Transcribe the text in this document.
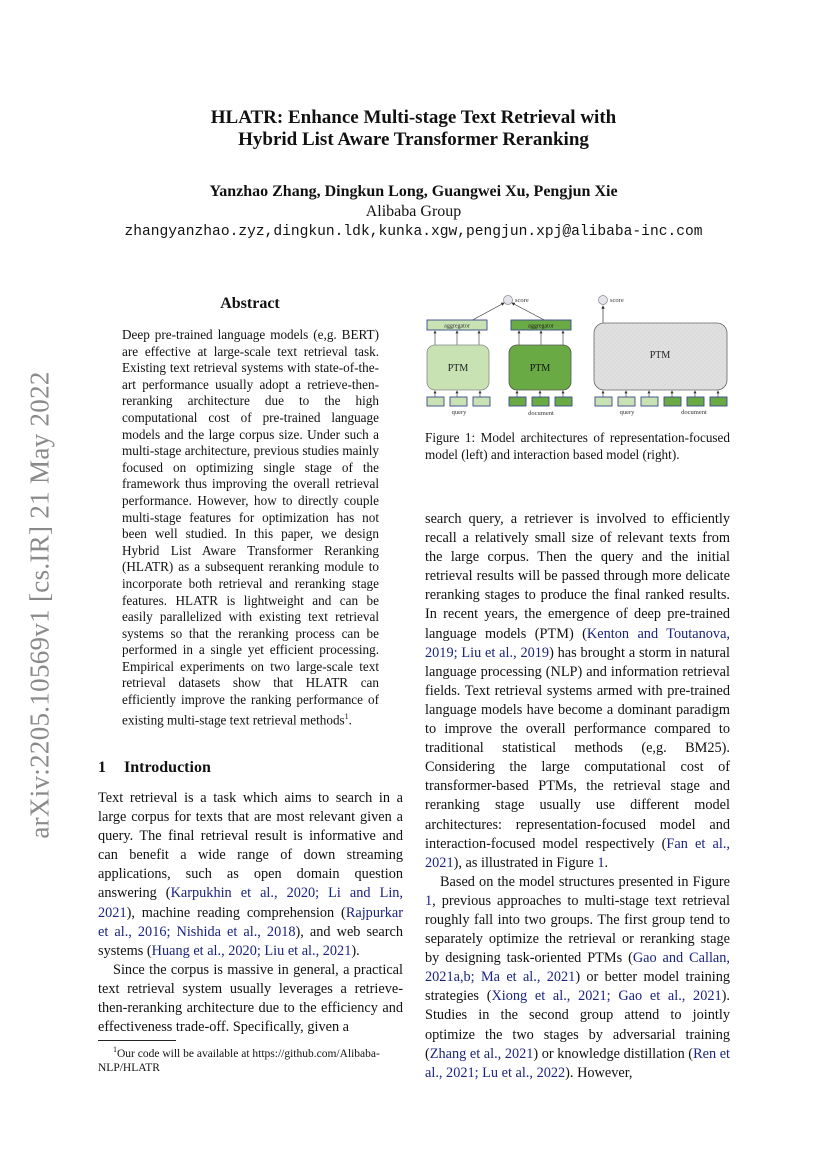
arXiv:2205.10569v1 [cs.IR] 21 May 2022
HLATR: Enhance Multi-stage Text Retrieval with
Hybrid List Aware Transformer Reranking
Yanzhao Zhang, Dingkun Long, Guangwei Xu, Pengjun Xie
Alibaba Group
zhangyanzhao.zyz,dingkun.ldk,kunka.xgw,pengjun.xpj@alibaba-inc.com
Abstract
Deep pre-trained language models (e,g. BERT) are effective at large-scale text retrieval task. Existing text retrieval systems with state-of-the-art performance usually adopt a retrieve-then-reranking architecture due to the high computational cost of pre-trained language models and the large corpus size. Under such a multi-stage architecture, previous studies mainly focused on optimizing single stage of the framework thus improving the overall retrieval performance. However, how to directly couple multi-stage features for optimization has not been well studied. In this paper, we design Hybrid List Aware Transformer Reranking (HLATR) as a subsequent reranking module to incorporate both retrieval and reranking stage features. HLATR is lightweight and can be easily parallelized with existing text retrieval systems so that the reranking process can be performed in a single yet efficient processing. Empirical experiments on two large-scale text retrieval datasets show that HLATR can efficiently improve the ranking performance of existing multi-stage text retrieval methods$^1$.
1 Introduction

Text retrieval is a task which aims to search in a large corpus for texts that are most relevant given a query. The final retrieval result is informative and can benefit a wide range of down streaming applications, such as open domain question answering (Karpukhin et al., 2020; Li and Lin, 2021), machine reading comprehension (Rajpurkar et al., 2016; Nishida et al., 2018), and web search systems (Huang et al., 2020; Liu et al., 2021).

Since the corpus is massive in general, a practical text retrieval system usually leverages a retrieve-then-reranking architecture due to the efficiency and effectiveness trade-off. Specifically, given a

$^1$Our code will be available at https://github.com/Alibaba-NLP/HLATR
score
aggregator
PTM
query
aggregator
PTM
document
score
PTM
query	document
Figure 1: Model architectures of representation-focused model (left) and interaction based model (right).

search query, a retriever is involved to efficiently recall a relatively small size of relevant texts from the large corpus. Then the query and the initial retrieval results will be passed through more delicate reranking stages to produce the final ranked results. In recent years, the emergence of deep pre-trained language models (PTM) (Kenton and Toutanova, 2019; Liu et al., 2019) has brought a storm in natural language processing (NLP) and information retrieval fields. Text retrieval systems armed with pre-trained language models have become a dominant paradigm to improve the overall performance compared to traditional statistical methods (e,g. BM25). Considering the large computational cost of transformer-based PTMs, the retrieval stage and reranking stage usually use different model architectures: representation-focused model and interaction-focused model respectively (Fan et al., 2021), as illustrated in Figure 1.

Based on the model structures presented in Figure 1, previous approaches to multi-stage text retrieval roughly fall into two groups. The first group tend to separately optimize the retrieval or reranking stage by designing task-oriented PTMs (Gao and Callan, 2021a,b; Ma et al., 2021) or better model training strategies (Xiong et al., 2021; Gao et al., 2021). Studies in the second group attend to jointly optimize the two stages by adversarial training (Zhang et al., 2021) or knowledge distillation (Ren et al., 2021; Lu et al., 2022). However,
